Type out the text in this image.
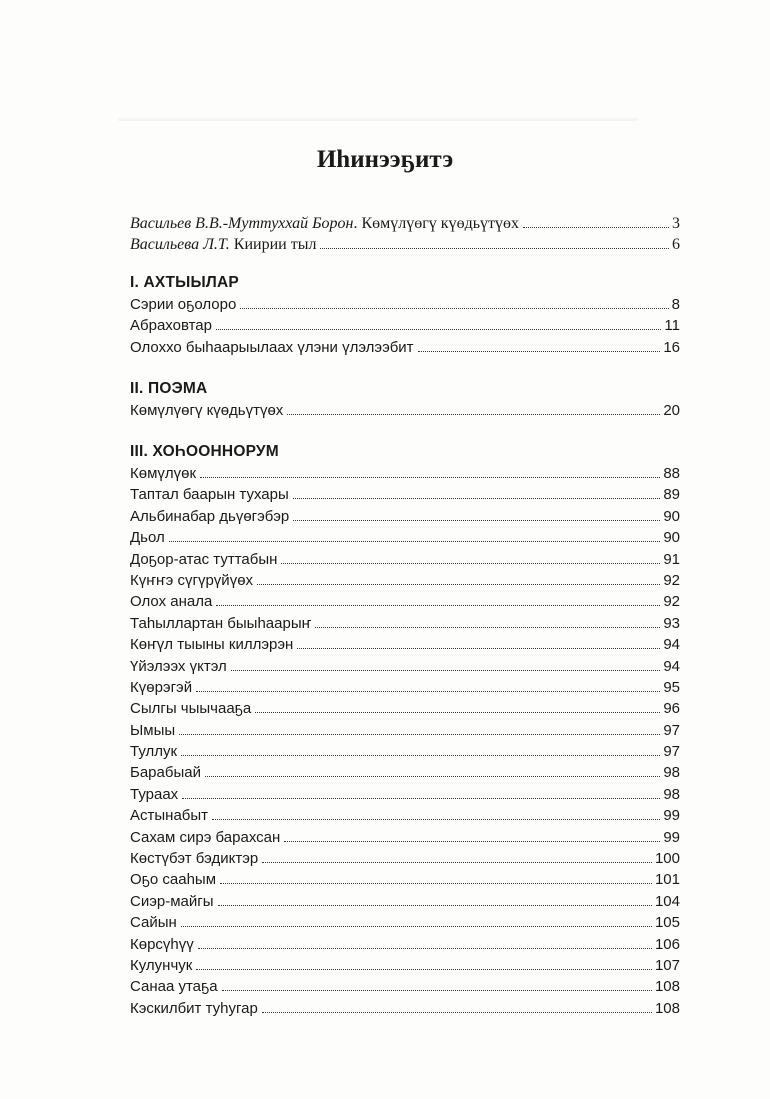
Иhинээҕитэ
Васильев В.В.-Муттуххай Борон. Көмүлүөгү күөдьүтүөх	3
Васильева Л.Т. Киирии тыл	6
I. АХТЫЫЛАР
Сэрии оҕолоро	8
Абраховтар	11
Олоххо быhаарыылаах үлэни үлэлээбит	16
II. ПОЭМА
Көмүлүөгү күөдьүтүөх	20
III. ХОҺООННОРУМ
Көмүлүөк	88
Таптал баарын тухары	89
Альбинабар дьүөгэбэр	90
Дьол	90
Доҕор-атас туттабын	91
Күҥҥэ сүгүрүйүөх	92
Олох анала	92
Таhыллартан быыhаарыҥ	93
Көҥүл тыыны киллэрэн	94
Үйэлээх үктэл	94
Күөрэгэй	95
Сылгы чыычааҕа	96
Ымыы	97
Туллук	97
Барабыай	98
Тураах	98
Астынабыт	99
Сахам сирэ барахсан	99
Көстүбэт бэдиктэр	100
Оҕо сааhым	101
Сиэр-майгы	104
Сайын	105
Көрсүhүү	106
Кулунчук	107
Санаа утаҕа	108
Кэскилбит туhугар	108
